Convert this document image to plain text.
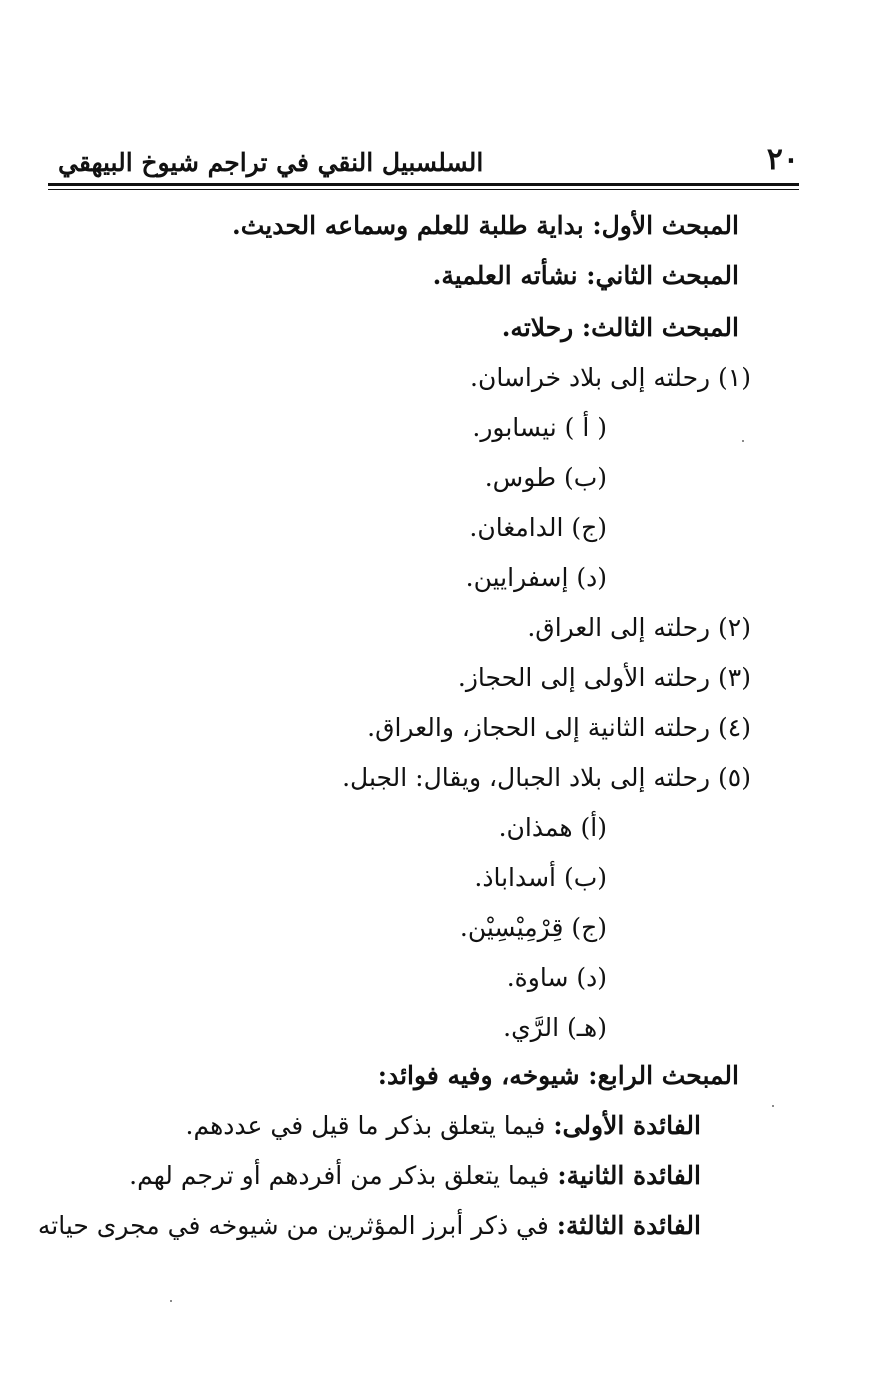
٢٠
السلسبيل النقي في تراجم شيوخ البيهقي
المبحث الأول: بداية طلبة للعلم وسماعه الحديث.
المبحث الثاني: نشأته العلمية.
المبحث الثالث: رحلاته.
(١) رحلته إلى بلاد خراسان.
( أ ) نيسابور.
(ب) طوس.
(ج) الدامغان.
(د) إسفرايين.
(٢) رحلته إلى العراق.
(٣) رحلته الأولى إلى الحجاز.
(٤) رحلته الثانية إلى الحجاز، والعراق.
(٥) رحلته إلى بلاد الجبال، ويقال: الجبل.
(أ) همذان.
(ب) أسداباذ.
(ج) قِرْمِيْسِيْن.
(د) ساوة.
(هـ) الرَّي.
المبحث الرابع: شيوخه، وفيه فوائد:
الفائدة الأولى: فيما يتعلق بذكر ما قيل في عددهم.
الفائدة الثانية: فيما يتعلق بذكر من أفردهم أو ترجم لهم.
الفائدة الثالثة: في ذكر أبرز المؤثرين من شيوخه في مجرى حياته
